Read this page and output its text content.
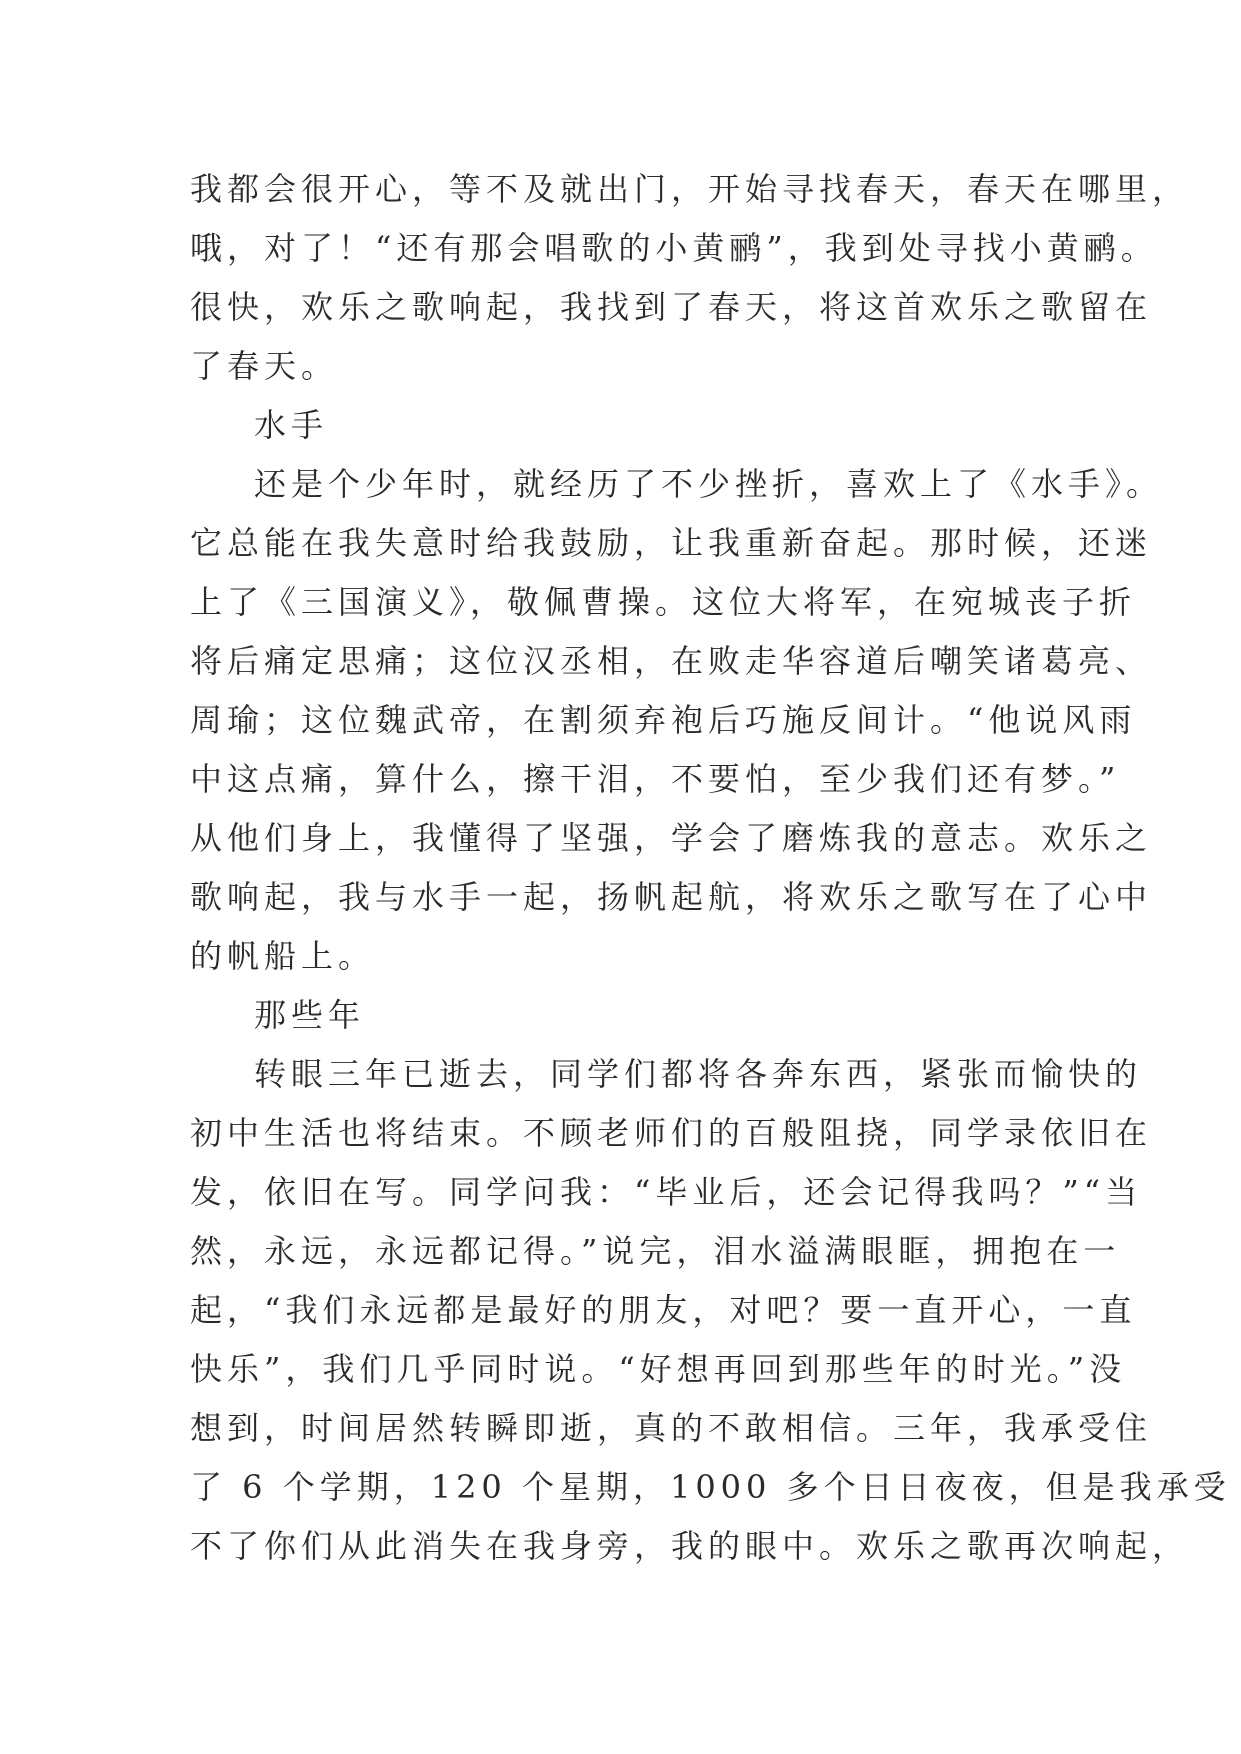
我都会很开心，等不及就出门，开始寻找春天，春天在哪里，
哦，对了！“还有那会唱歌的小黄鹂”，我到处寻找小黄鹂。
很快，欢乐之歌响起，我找到了春天，将这首欢乐之歌留在
了春天。
水手
还是个少年时，就经历了不少挫折，喜欢上了《水手》。
它总能在我失意时给我鼓励，让我重新奋起。那时候，还迷
上了《三国演义》，敬佩曹操。这位大将军，在宛城丧子折
将后痛定思痛；这位汉丞相，在败走华容道后嘲笑诸葛亮、
周瑜；这位魏武帝，在割须弃袍后巧施反间计。“他说风雨
中这点痛，算什么，擦干泪，不要怕，至少我们还有梦。”
从他们身上，我懂得了坚强，学会了磨炼我的意志。欢乐之
歌响起，我与水手一起，扬帆起航，将欢乐之歌写在了心中
的帆船上。
那些年
转眼三年已逝去，同学们都将各奔东西，紧张而愉快的
初中生活也将结束。不顾老师们的百般阻挠，同学录依旧在
发，依旧在写。同学问我：“毕业后，还会记得我吗？”“当
然，永远，永远都记得。”说完，泪水溢满眼眶，拥抱在一
起，“我们永远都是最好的朋友，对吧？要一直开心，一直
快乐”，我们几乎同时说。“好想再回到那些年的时光。”没
想到，时间居然转瞬即逝，真的不敢相信。三年，我承受住
了 6 个学期，120 个星期，1000 多个日日夜夜，但是我承受
不了你们从此消失在我身旁，我的眼中。欢乐之歌再次响起，
